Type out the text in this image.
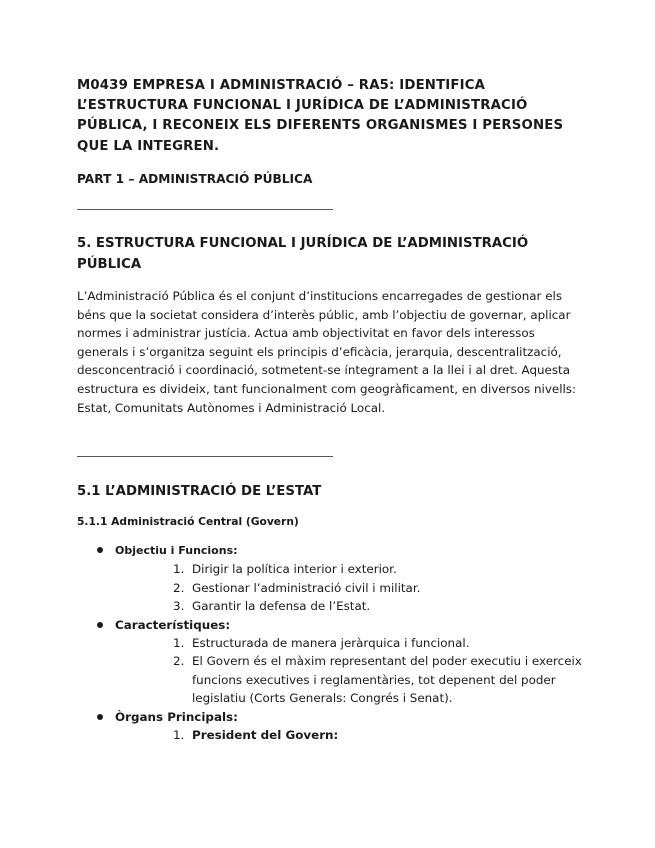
M0439 EMPRESA I ADMINISTRACIÓ – RA5: IDENTIFICA L’ESTRUCTURA FUNCIONAL I JURÍDICA DE L’ADMINISTRACIÓ PÚBLICA, I RECONEIX ELS DIFERENTS ORGANISMES I PERSONES QUE LA INTEGREN.
PART 1 – ADMINISTRACIÓ PÚBLICA
5. ESTRUCTURA FUNCIONAL I JURÍDICA DE L’ADMINISTRACIÓ PÚBLICA

L’Administració Pública és el conjunt d’institucions encarregades de gestionar els béns que la societat considera d’interès públic, amb l’objectiu de governar, aplicar normes i administrar justícia. Actua amb objectivitat en favor dels interessos generals i s’organitza seguint els principis d’eficàcia, jerarquia, descentralització, desconcentració i coordinació, sotmetent-se íntegrament a la llei i al dret. Aquesta estructura es divideix, tant funcionalment com geogràficament, en diversos nivells: Estat, Comunitats Autònomes i Administració Local.

5.1 L’ADMINISTRACIÓ DE L’ESTAT
5.1.1 Administració Central (Govern)
Objectiu i Funcions:
1. Dirigir la política interior i exterior.
2. Gestionar l’administració civil i militar.
3. Garantir la defensa de l’Estat.
Característiques:
1. Estructurada de manera jeràrquica i funcional.
2. El Govern és el màxim representant del poder executiu i exerceix funcions executives i reglamentàries, tot depenent del poder legislatiu (Corts Generals: Congrés i Senat).
Òrgans Principals:
1. President del Govern:
